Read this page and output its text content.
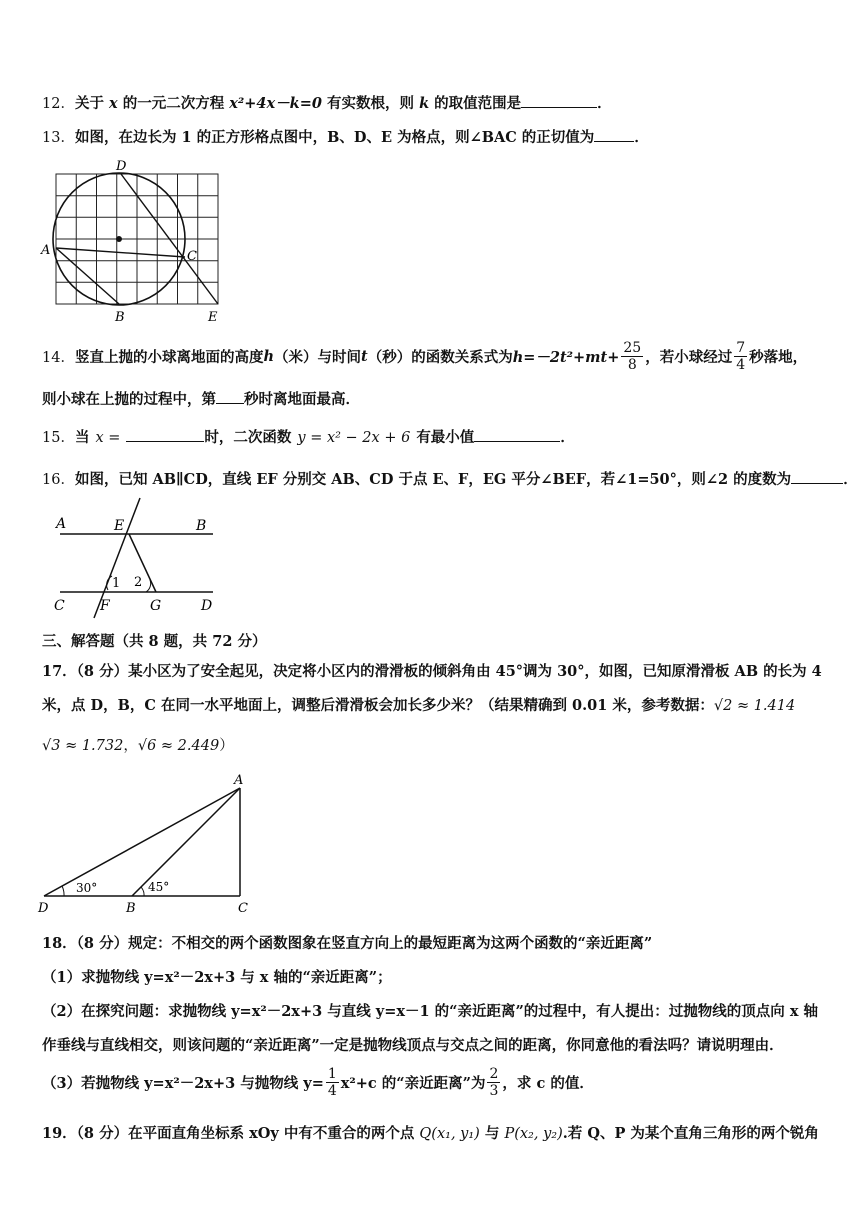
12．关于 x 的一元二次方程 x²+4x－k=0 有实数根，则 k 的取值范围是	．
13．如图，在边长为 1 的正方形格点图中，B、D、E 为格点，则∠BAC 的正切值为	．
D
A	C
B	E
14． 竖直上抛的小球离地面的高度 h （米）与时间 t （秒）的函数关系式为 $h=-2t^2+mt+ \frac{25}{8}$ ，若小球经过 $\frac{7}{4}$ 秒落地，
则小球在上抛的过程中，第 秒时离地面最高．
15．当 x =	时，二次函数 y = x² − 2x + 6 有最小值	．
16．如图，已知 AB∥CD，直线 EF 分别交 AB、CD 于点 E、F，EG 平分∠BEF，若∠1=50°，则∠2 的度数为	．
A	E	B
C	F	G	D
1 2
三、解答题（共 8 题，共 72 分）
17．（8 分）某小区为了安全起见，决定将小区内的滑滑板的倾斜角由 45°调为 30°，如图，已知原滑滑板 AB 的长为 4
米，点 D，B，C 在同一水平地面上，调整后滑滑板会加长多少米？（结果精确到 0.01 米，参考数据：√2 ≈ 1.414
√3 ≈ 1.732，√6 ≈ 2.449）
A
D	B	C
30°	45°
18．（8 分）规定：不相交的两个函数图象在竖直方向上的最短距离为这两个函数的“亲近距离”
（1）求抛物线 y=x²－2x+3 与 x 轴的“亲近距离”；
（2）在探究问题：求抛物线 y=x²－2x+3 与直线 y=x－1 的“亲近距离”的过程中，有人提出：过抛物线的顶点向 x 轴
作垂线与直线相交，则该问题的“亲近距离”一定是抛物线顶点与交点之间的距离，你同意他的看法吗？请说明理由．
（3）若抛物线 y=x²－2x+3 与抛物线 $y= \frac{1}{4} x^2+c$ 的“亲近距离”为 $\frac{2}{3}$ ，求 c 的值．
19．（8 分）在平面直角坐标系 xOy 中有不重合的两个点 Q(x₁, y₁) 与 P(x₂, y₂).若 Q、P 为某个直角三角形的两个锐角
